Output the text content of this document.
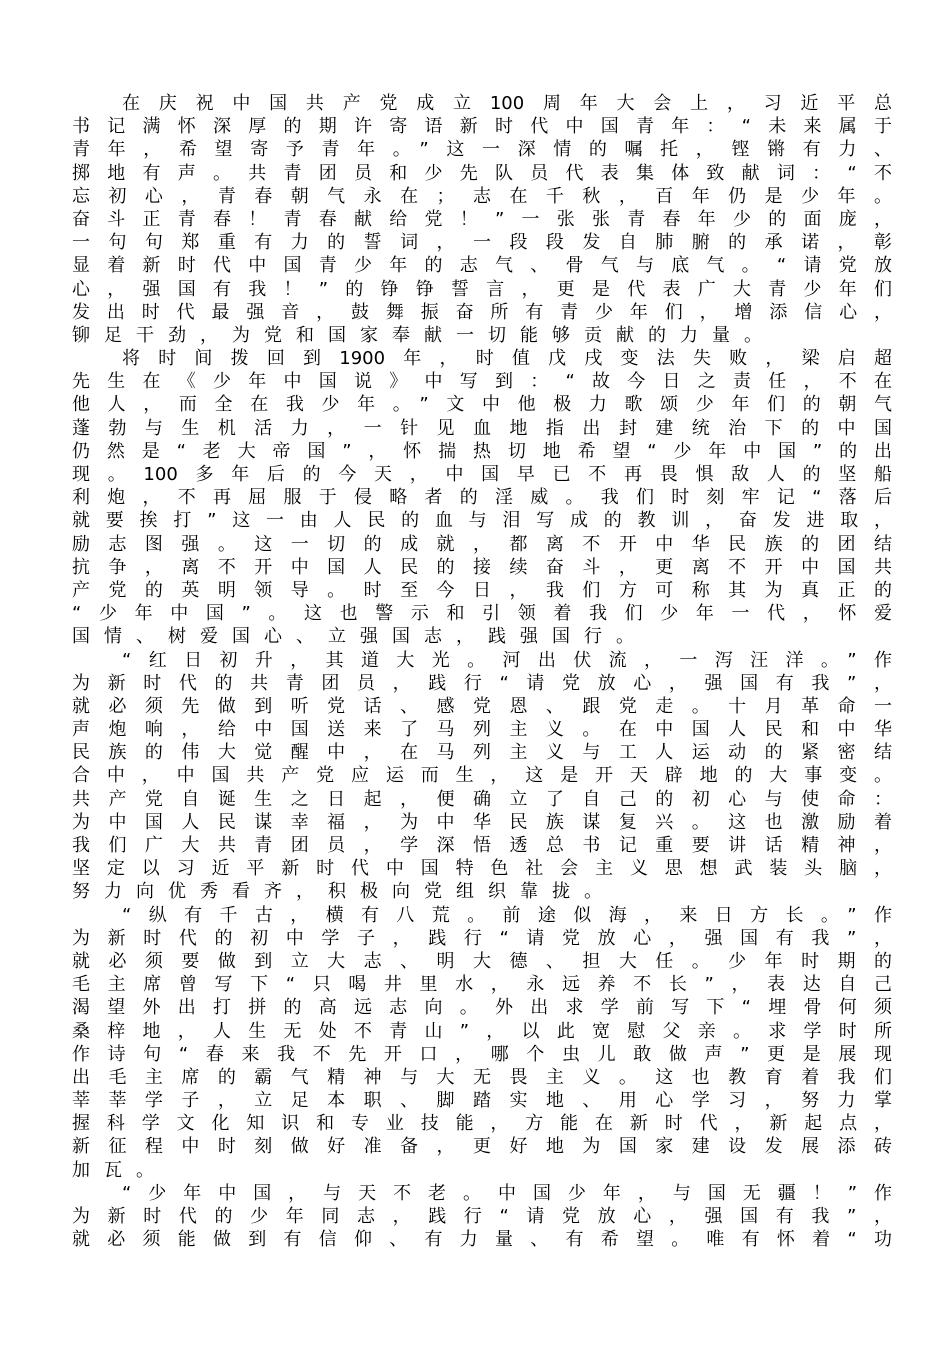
在庆祝中国共产党成立100周年大会上，习近平总
书记满怀深厚的期许寄语新时代中国青年：“未来属于
青年，希望寄予青年。”这一深情的嘱托，铿锵有力、
掷地有声。共青团员和少先队员代表集体致献词：“不
忘初心，青春朝气永在；志在千秋，百年仍是少年。
奋斗正青春！青春献给党！”一张张青春年少的面庞，
一句句郑重有力的誓词，一段段发自肺腑的承诺，彰
显着新时代中国青少年的志气、骨气与底气。“请党放
心，强国有我！”的铮铮誓言，更是代表广大青少年们
发出时代最强音，鼓舞振奋所有青少年们，增添信心，
铆足干劲，为党和国家奉献一切能够贡献的力量。
将时间拨回到1900年，时值戊戌变法失败，梁启超
先生在《少年中国说》中写到：“故今日之责任，不在
他人，而全在我少年。”文中他极力歌颂少年们的朝气
蓬勃与生机活力，一针见血地指出封建统治下的中国
仍然是“老大帝国”，怀揣热切地希望“少年中国”的出
现。100多年后的今天，中国早已不再畏惧敌人的坚船
利炮，不再屈服于侵略者的淫威。我们时刻牢记“落后
就要挨打”这一由人民的血与泪写成的教训，奋发进取，
励志图强。这一切的成就，都离不开中华民族的团结
抗争，离不开中国人民的接续奋斗，更离不开中国共
产党的英明领导。时至今日，我们方可称其为真正的
“少年中国”。这也警示和引领着我们少年一代，怀爱
国情、树爱国心、立强国志，践强国行。
“红日初升，其道大光。河出伏流，一泻汪洋。”作
为新时代的共青团员，践行“请党放心，强国有我”，
就必须先做到听党话、感党恩、跟党走。十月革命一
声炮响，给中国送来了马列主义。在中国人民和中华
民族的伟大觉醒中，在马列主义与工人运动的紧密结
合中，中国共产党应运而生，这是开天辟地的大事变。
共产党自诞生之日起，便确立了自己的初心与使命：
为中国人民谋幸福，为中华民族谋复兴。这也激励着
我们广大共青团员，学深悟透总书记重要讲话精神，
坚定以习近平新时代中国特色社会主义思想武装头脑，
努力向优秀看齐，积极向党组织靠拢。
“纵有千古，横有八荒。前途似海，来日方长。”作
为新时代的初中学子，践行“请党放心，强国有我”，
就必须要做到立大志、明大德、担大任。少年时期的
毛主席曾写下“只喝井里水，永远养不长”，表达自己
渴望外出打拼的高远志向。外出求学前写下“埋骨何须
桑梓地，人生无处不青山”，以此宽慰父亲。求学时所
作诗句“春来我不先开口，哪个虫儿敢做声”更是展现
出毛主席的霸气精神与大无畏主义。这也教育着我们
莘莘学子，立足本职、脚踏实地、用心学习，努力掌
握科学文化知识和专业技能，方能在新时代，新起点，
新征程中时刻做好准备，更好地为国家建设发展添砖
加瓦。
“少年中国，与天不老。中国少年，与国无疆！”作
为新时代的少年同志，践行“请党放心，强国有我”，
就必须能做到有信仰、有力量、有希望。唯有怀着“功
